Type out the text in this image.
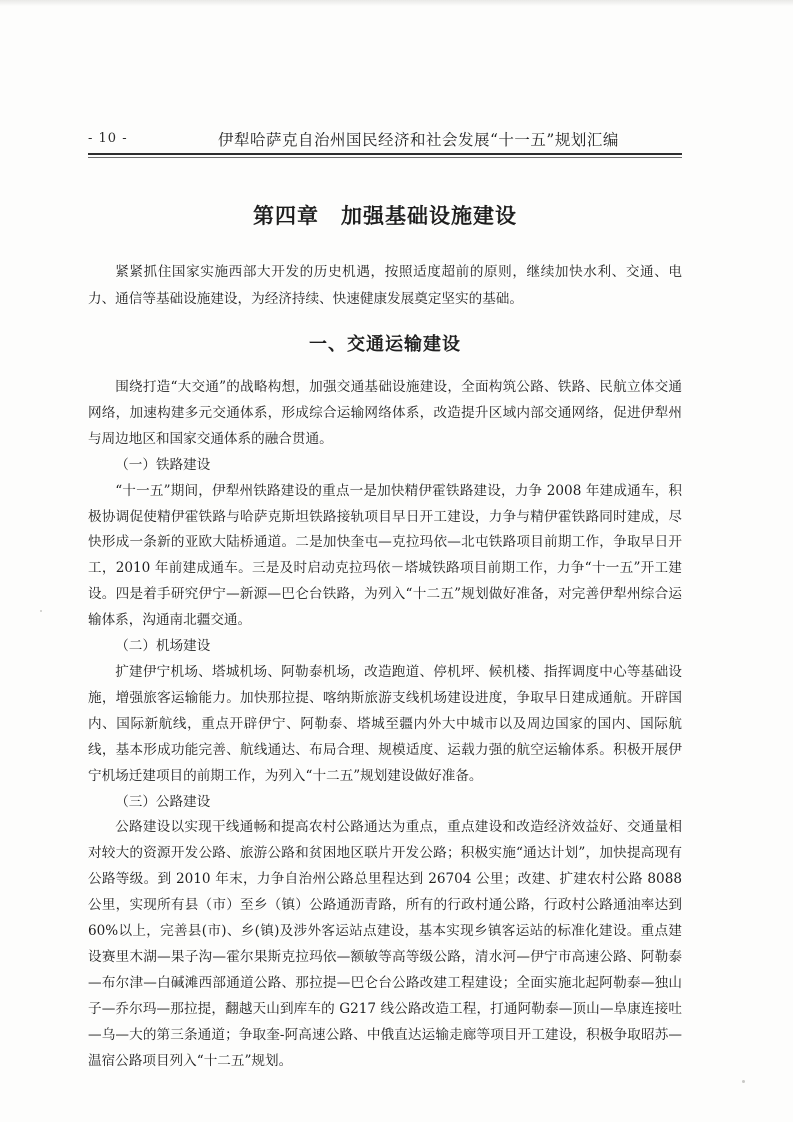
- 10 -	伊犁哈萨克自治州国民经济和社会发展“十一五”规划汇编
第四章　加强基础设施建设
紧紧抓住国家实施西部大开发的历史机遇，按照适度超前的原则，继续加快水利、交通、电力、通信等基础设施建设，为经济持续、快速健康发展奠定坚实的基础。
一、交通运输建设

围绕打造“大交通”的战略构想，加强交通基础设施建设，全面构筑公路、铁路、民航立体交通网络，加速构建多元交通体系，形成综合运输网络体系，改造提升区域内部交通网络，促进伊犁州与周边地区和国家交通体系的融合贯通。

（一）铁路建设

“十一五”期间，伊犁州铁路建设的重点一是加快精伊霍铁路建设，力争 2008 年建成通车，积极协调促使精伊霍铁路与哈萨克斯坦铁路接轨项目早日开工建设，力争与精伊霍铁路同时建成，尽快形成一条新的亚欧大陆桥通道。二是加快奎屯—克拉玛依—北屯铁路项目前期工作，争取早日开工，2010 年前建成通车。三是及时启动克拉玛依－塔城铁路项目前期工作，力争“十一五”开工建设。四是着手研究伊宁—新源—巴仑台铁路，为列入“十二五”规划做好准备，对完善伊犁州综合运输体系，沟通南北疆交通。

（二）机场建设

扩建伊宁机场、塔城机场、阿勒泰机场，改造跑道、停机坪、候机楼、指挥调度中心等基础设施，增强旅客运输能力。加快那拉提、喀纳斯旅游支线机场建设进度，争取早日建成通航。开辟国内、国际新航线，重点开辟伊宁、阿勒泰、塔城至疆内外大中城市以及周边国家的国内、国际航线，基本形成功能完善、航线通达、布局合理、规模适度、运载力强的航空运输体系。积极开展伊宁机场迁建项目的前期工作，为列入“十二五”规划建设做好准备。

（三）公路建设

公路建设以实现干线通畅和提高农村公路通达为重点，重点建设和改造经济效益好、交通量相对较大的资源开发公路、旅游公路和贫困地区联片开发公路；积极实施“通达计划”，加快提高现有公路等级。到 2010 年末，力争自治州公路总里程达到 26704 公里；改建、扩建农村公路 8088 公里，实现所有县（市）至乡（镇）公路通沥青路，所有的行政村通公路，行政村公路通油率达到 60%以上，完善县(市)、乡(镇)及涉外客运站点建设，基本实现乡镇客运站的标准化建设。重点建设赛里木湖—果子沟—霍尔果斯克拉玛依—额敏等高等级公路，清水河—伊宁市高速公路、阿勒泰—布尔津—白碱滩西部通道公路、那拉提—巴仑台公路改建工程建设；全面实施北起阿勒泰—独山子—乔尔玛—那拉提，翻越天山到库车的 G217 线公路改造工程，打通阿勒泰—顶山—阜康连接吐—乌—大的第三条通道；争取奎-阿高速公路、中俄直达运输走廊等项目开工建设，积极争取昭苏—温宿公路项目列入“十二五”规划。
